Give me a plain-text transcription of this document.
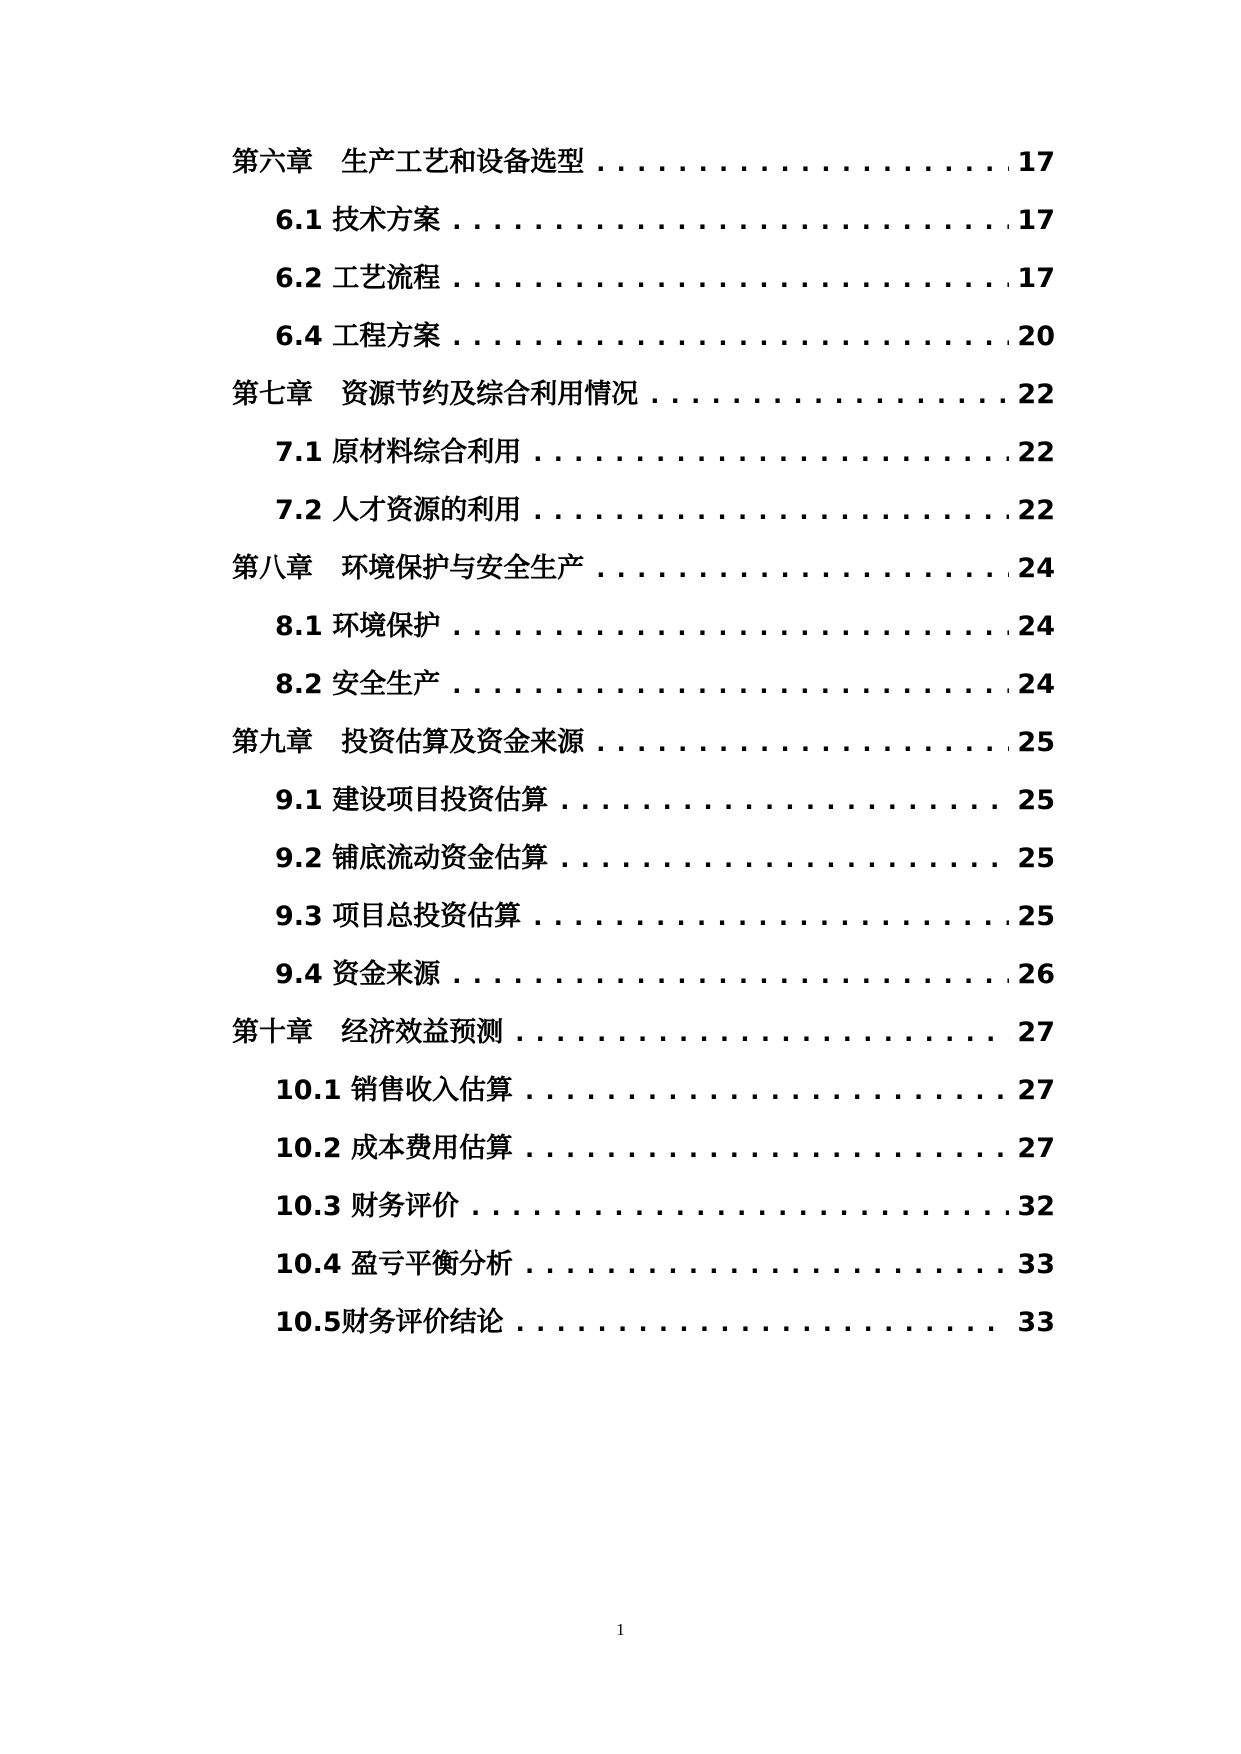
第六章   生产工艺和设备选型 . . .	17
6.1 技术方案 . . .	17
6.2 工艺流程 . . .	17
6.4 工程方案 . . .	20
第七章   资源节约及综合利用情况 . . .	22
7.1 原材料综合利用 . . .	22
7.2 人才资源的利用 . . .	22
第八章   环境保护与安全生产 . . .	24
8.1 环境保护 . . .	24
8.2 安全生产 . . .	24
第九章   投资估算及资金来源 . . .	25
9.1 建设项目投资估算 . . .	25
9.2 铺底流动资金估算 . . .	25
9.3 项目总投资估算 . . .	25
9.4 资金来源 . . .	26
第十章   经济效益预测 . . .	27
10.1 销售收入估算 . . .	27
10.2 成本费用估算 . . .	27
10.3 财务评价 . . .	32
10.4 盈亏平衡分析 . . .	33
10.5财务评价结论 . . .	33
1
